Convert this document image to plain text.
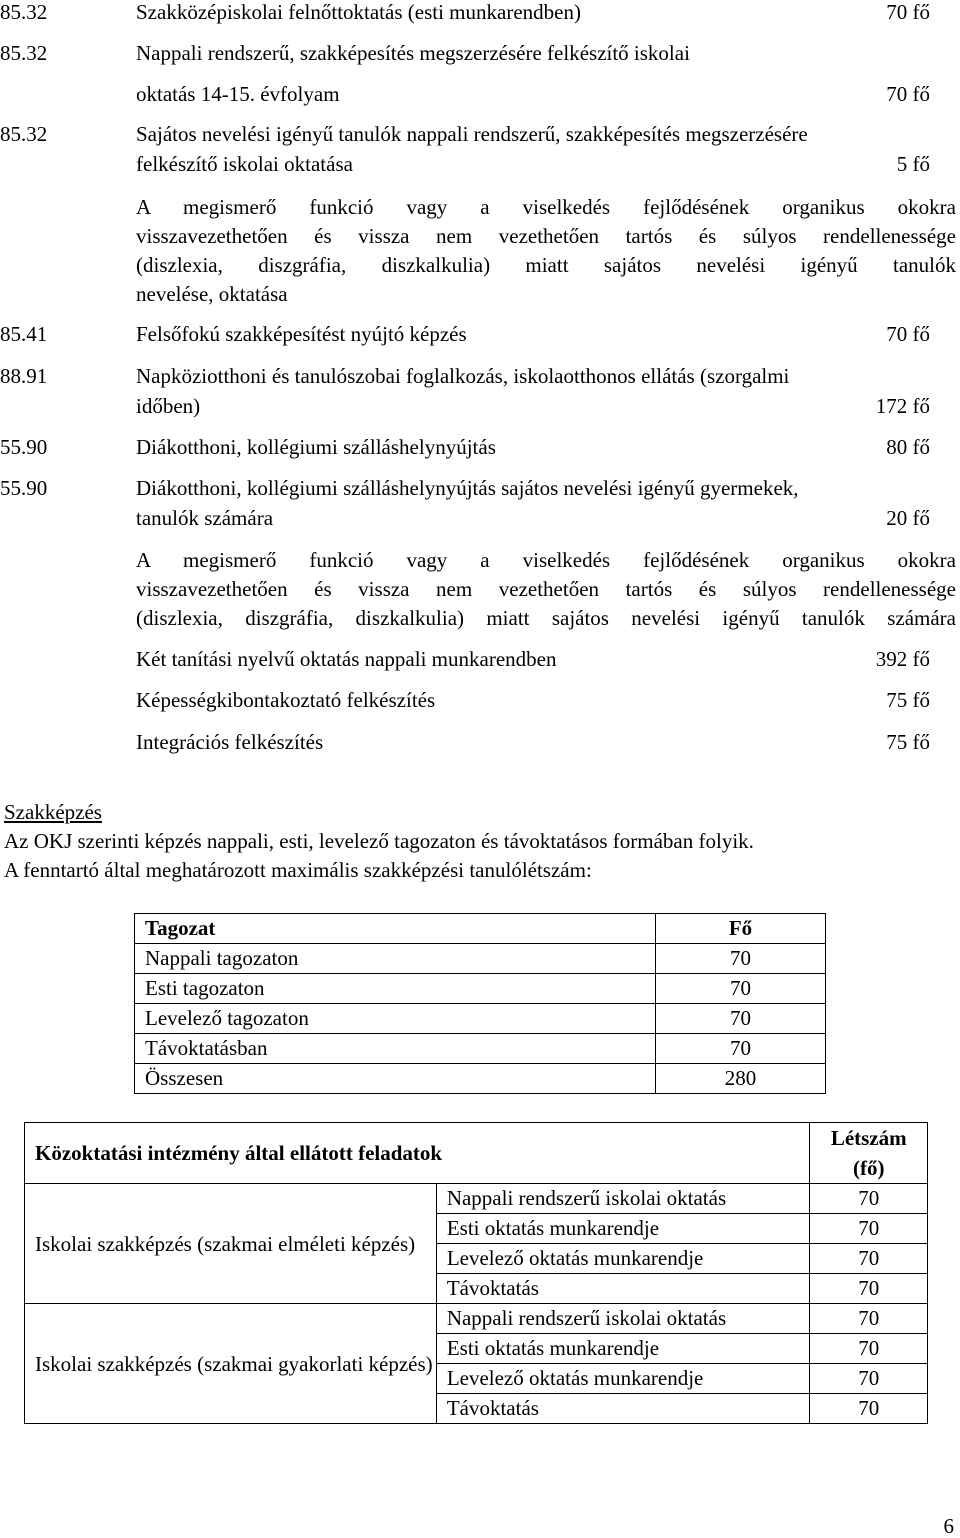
85.32	Szakközépiskolai felnőttoktatás (esti munkarendben)	70 fő
85.32	Nappali rendszerű, szakképesítés megszerzésére felkészítő iskolai
oktatás 14-15. évfolyam	70 fő
85.32	Sajátos nevelési igényű tanulók nappali rendszerű, szakképesítés megszerzésére
felkészítő iskolai oktatása	5 fő
A megismerő funkció vagy a viselkedés fejlődésének organikus okokra
visszavezethetően és vissza nem vezethetően tartós és súlyos rendellenessége
(diszlexia, diszgráfia, diszkalkulia) miatt sajátos nevelési igényű tanulók
nevelése, oktatása
85.41	Felsőfokú szakképesítést nyújtó képzés	70 fő
88.91	Napköziotthoni és tanulószobai foglalkozás, iskolaotthonos ellátás (szorgalmi
időben)	172 fő
55.90	Diákotthoni, kollégiumi szálláshelynyújtás	80 fő
55.90	Diákotthoni, kollégiumi szálláshelynyújtás sajátos nevelési igényű gyermekek,
tanulók számára	20 fő
A megismerő funkció vagy a viselkedés fejlődésének organikus okokra
visszavezethetően és vissza nem vezethetően tartós és súlyos rendellenessége
(diszlexia, diszgráfia, diszkalkulia) miatt sajátos nevelési igényű tanulók számára
Két tanítási nyelvű oktatás nappali munkarendben	392 fő
Képességkibontakoztató felkészítés	75 fő
Integrációs felkészítés	75 fő
Szakképzés
Az OKJ szerinti képzés nappali, esti, levelező tagozaton és távoktatásos formában folyik.
A fenntartó által meghatározott maximális szakképzési tanulólétszám:
Tagozat	Fő
Nappali tagozaton	70
Esti tagozaton	70
Levelező tagozaton	70
Távoktatásban	70
Összesen	280
Közoktatási intézmény által ellátott feladatok		Létszám (fő)
Iskolai szakképzés (szakmai elméleti képzés)	Nappali rendszerű iskolai oktatás	70
	Esti oktatás munkarendje	70
	Levelező oktatás munkarendje	70
	Távoktatás	70
Iskolai szakképzés (szakmai gyakorlati képzés)	Nappali rendszerű iskolai oktatás	70
	Esti oktatás munkarendje	70
	Levelező oktatás munkarendje	70
	Távoktatás	70
6
